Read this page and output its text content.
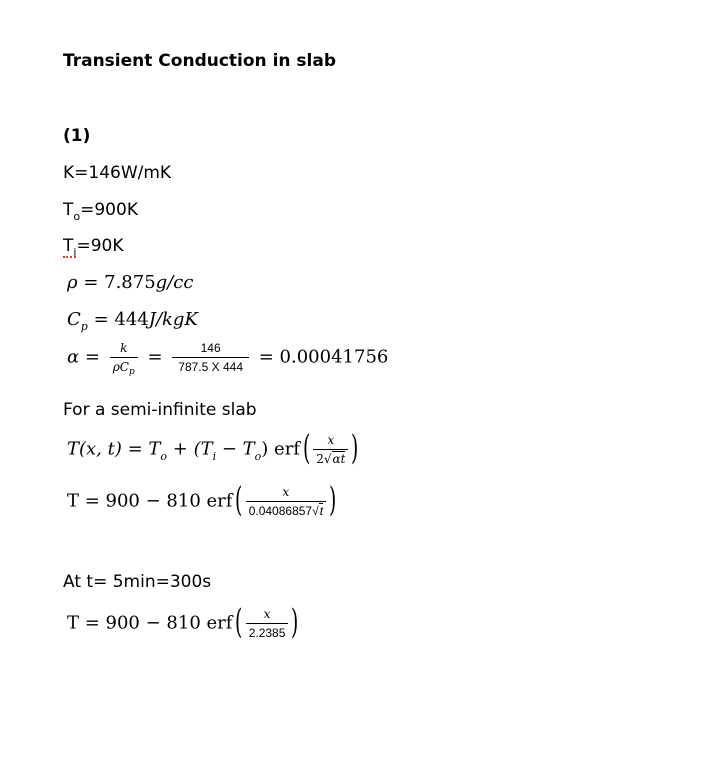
Transient Conduction in slab
(1)
K=146W/mK
$T_o=900K$
$T_i=90K$
ρ = 7.875g/cc
$C_p = 444J/kgK$
$\alpha = \frac{k}{\rho C_p} = \frac{146}{787.5 X 444} = 0.00041756$
For a semi-infinite slab
T(x, $t) = T_o + (T_i - T_o)$ $erf( \frac{x}{2√\alpha t}$ )
T = 900 − 810 $erf( \frac{x}{0.04086857√t}$ )
At t= 5min=300s
T = 900 − 810 $erf( \frac{x}{2.2385}$ )
